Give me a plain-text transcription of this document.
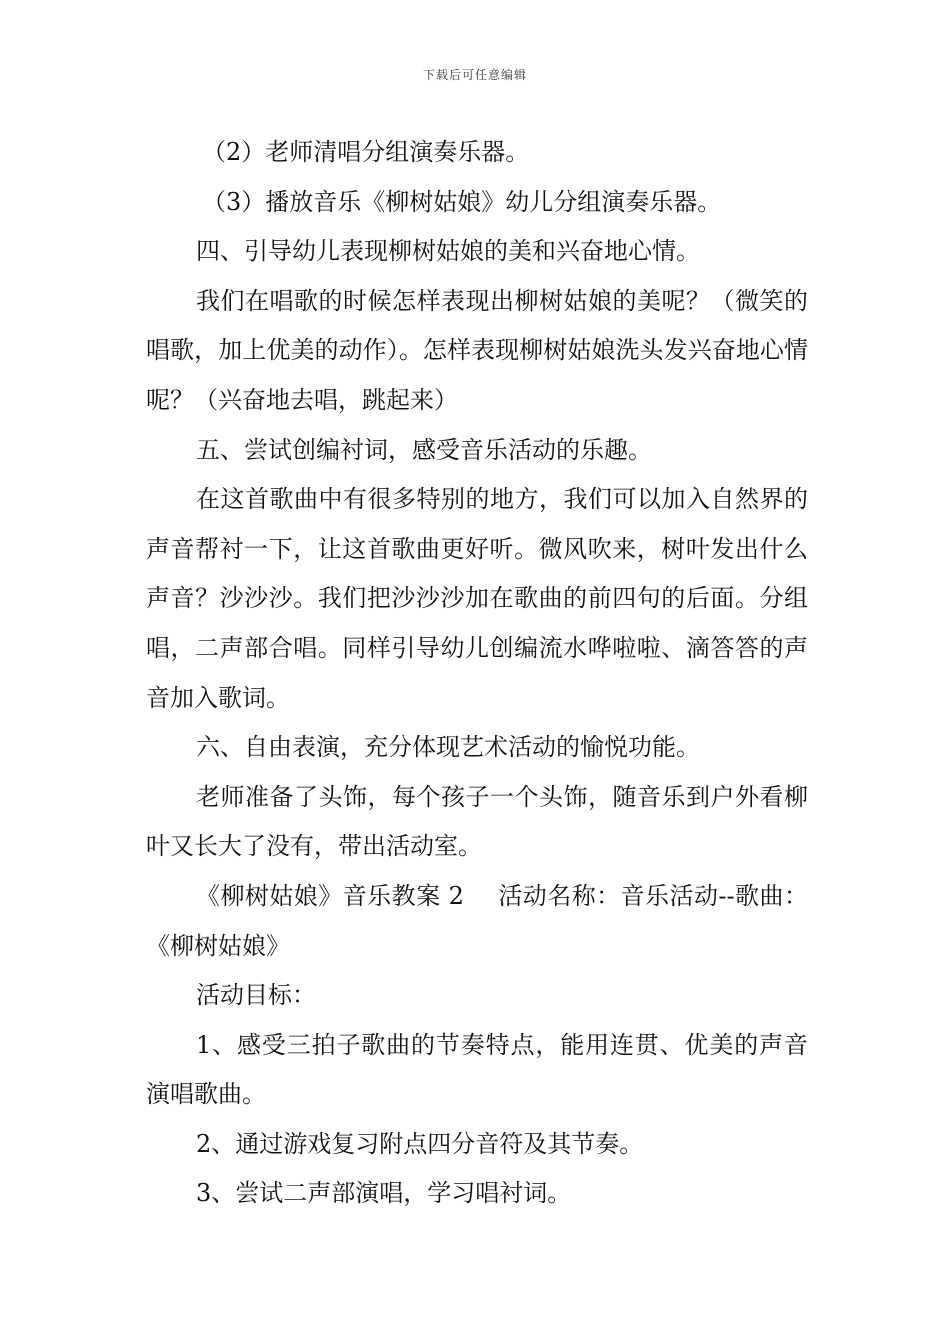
下载后可任意编辑

（2）老师清唱分组演奏乐器。

（3）播放音乐《柳树姑娘》幼儿分组演奏乐器。

四、引导幼儿表现柳树姑娘的美和兴奋地心情。

我们在唱歌的时候怎样表现出柳树姑娘的美呢？（微笑的唱歌，加上优美的动作）。怎样表现柳树姑娘洗头发兴奋地心情呢？（兴奋地去唱，跳起来）

五、尝试创编衬词，感受音乐活动的乐趣。

在这首歌曲中有很多特别的地方，我们可以加入自然界的声音帮衬一下，让这首歌曲更好听。微风吹来，树叶发出什么声音？沙沙沙。我们把沙沙沙加在歌曲的前四句的后面。分组唱，二声部合唱。同样引导幼儿创编流水哗啦啦、滴答答的声音加入歌词。

六、自由表演，充分体现艺术活动的愉悦功能。

老师准备了头饰，每个孩子一个头饰，随音乐到户外看柳叶又长大了没有，带出活动室。

《柳树姑娘》音乐教案 2 活动名称：音乐活动--歌曲：《柳树姑娘》

活动目标：

1、感受三拍子歌曲的节奏特点，能用连贯、优美的声音演唱歌曲。

2、通过游戏复习附点四分音符及其节奏。

3、尝试二声部演唱，学习唱衬词。
